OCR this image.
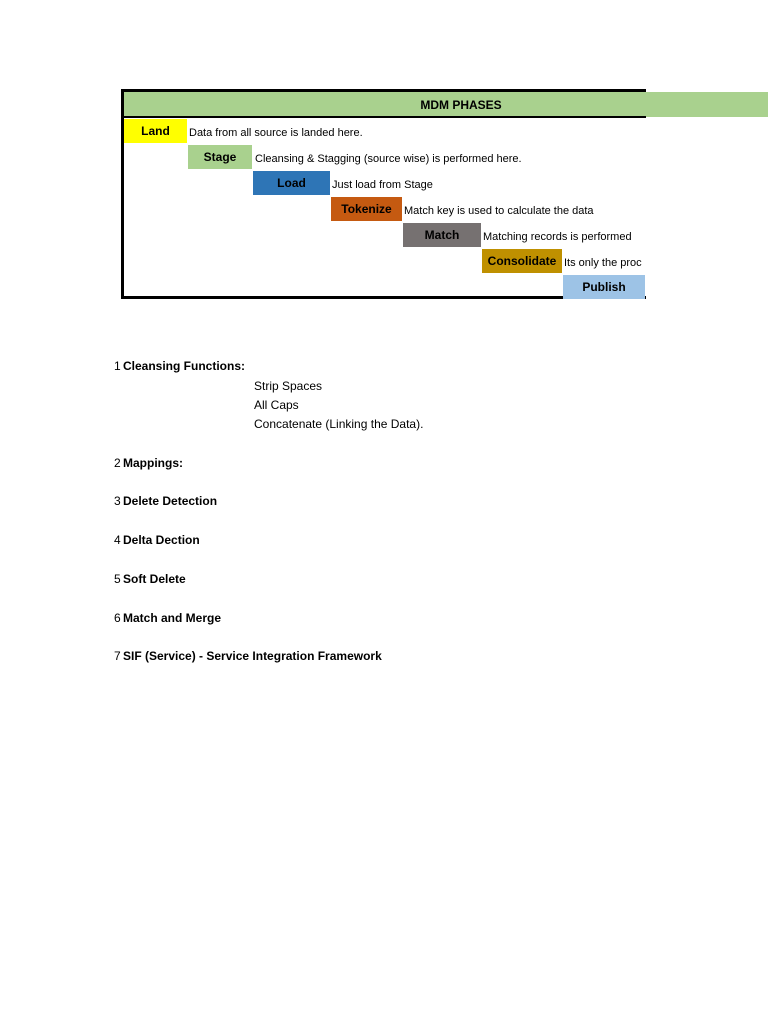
MDM PHASES
Land	Data from all source is landed here.
Stage	Cleansing & Stagging (source wise) is performed here.
Load	Just load from Stage
Tokenize	Match key is used to calculate the data
Match	Matching records is performed
Consolidate Its only the proc
Publish
1 Cleansing Functions:
Strip Spaces
All Caps
Concatenate (Linking the Data).
2 Mappings:
3 Delete Detection
4 Delta Dection
5 Soft Delete
6 Match and Merge
7 SIF (Service) - Service Integration Framework
